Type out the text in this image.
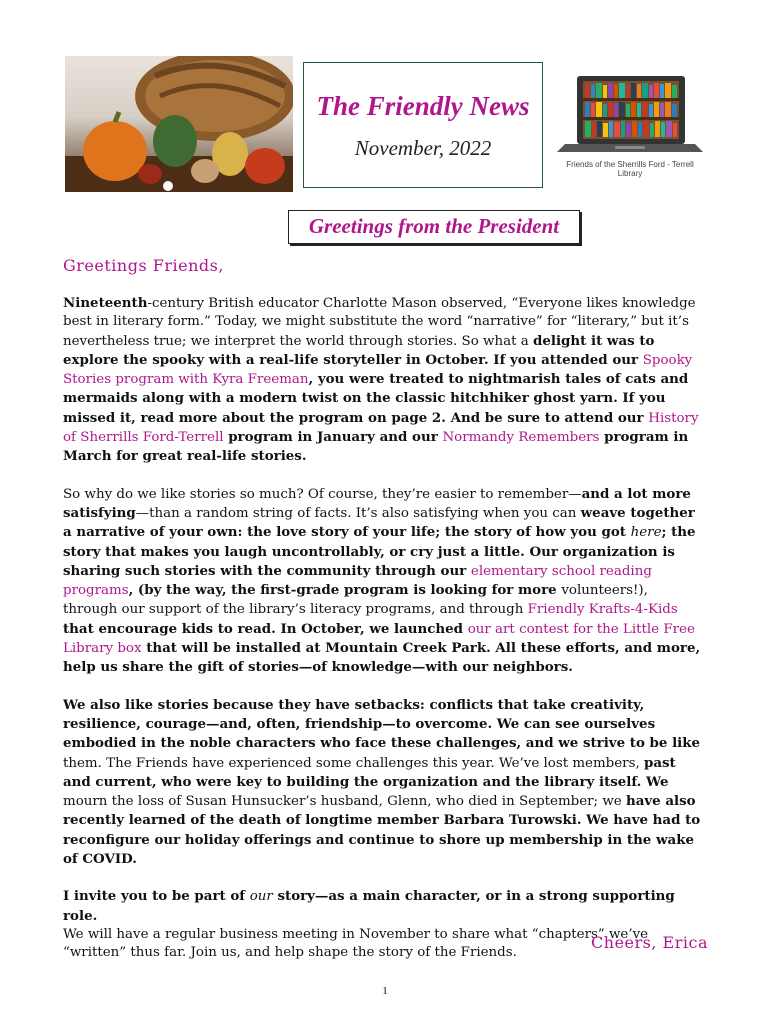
The Friendly News
November, 2022
Friends of the Sherrills Ford - Terrell Library
Greetings from the President
Greetings Friends,

Nineteenth-century British educator Charlotte Mason observed, “Everyone likes knowledge best in literary form.” Today, we might substitute the word “narrative” for “literary,” but it’s nevertheless true; we interpret the world through stories. So what a delight it was to explore the spooky with a real-life storyteller in October. If you attended our Spooky Stories program with Kyra Freeman, you were treated to nightmarish tales of cats and mermaids along with a modern twist on the classic hitchhiker ghost yarn. If you missed it, read more about the program on page 2. And be sure to attend our History of Sherrills Ford-Terrell program in January and our Normandy Remembers program in March for great real-life stories.

So why do we like stories so much? Of course, they’re easier to remember—and a lot more satisfying—than a random string of facts. It’s also satisfying when you can weave together a narrative of your own: the love story of your life; the story of how you got here; the story that makes you laugh uncontrollably, or cry just a little. Our organization is sharing such stories with the community through our elementary school reading programs, (by the way, the first-grade program is looking for more volunteers!), through our support of the library’s literacy programs, and through Friendly Krafts-4-Kids that encourage kids to read. In October, we launched our art contest for the Little Free Library box that will be installed at Mountain Creek Park. All these efforts, and more, help us share the gift of stories—of knowledge—with our neighbors.

We also like stories because they have setbacks: conflicts that take creativity, resilience, courage—and, often, friendship—to overcome. We can see ourselves embodied in the noble characters who face these challenges, and we strive to be like them. The Friends have experienced some challenges this year. We’ve lost members, past and current, who were key to building the organization and the library itself. We mourn the loss of Susan Hunsucker’s husband, Glenn, who died in September; we have also recently learned of the death of longtime member Barbara Turowski. We have had to reconfigure our holiday offerings and continue to shore up membership in the wake of COVID.

I invite you to be part of our story—as a main character, or in a strong supporting role.
We will have a regular business meeting in November to share what “chapters” we’ve “written” thus far. Join us, and help shape the story of the Friends.

Cheers, Erica
1
